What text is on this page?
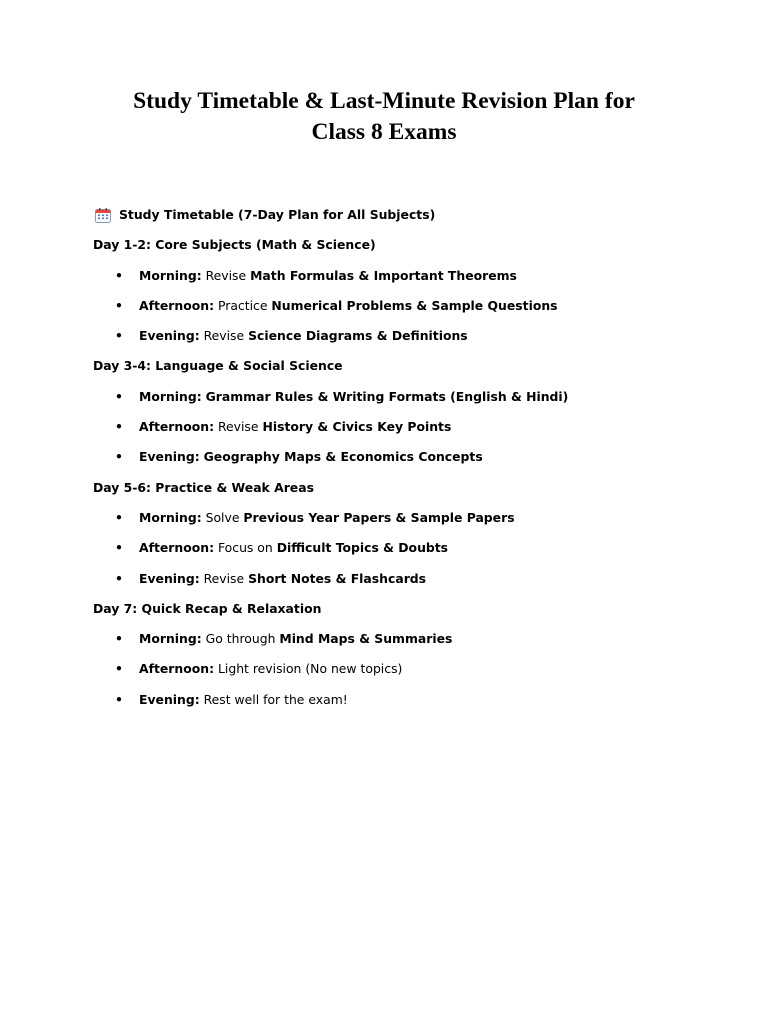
Study Timetable & Last-Minute Revision Plan for
Class 8 Exams
Study Timetable (7-Day Plan for All Subjects)
Day 1-2: Core Subjects (Math & Science)
• Morning: Revise Math Formulas & Important Theorems
• Afternoon: Practice Numerical Problems & Sample Questions
• Evening: Revise Science Diagrams & Definitions
Day 3-4: Language & Social Science
• Morning: Grammar Rules & Writing Formats (English & Hindi)
• Afternoon: Revise History & Civics Key Points
• Evening: Geography Maps & Economics Concepts
Day 5-6: Practice & Weak Areas
• Morning: Solve Previous Year Papers & Sample Papers
• Afternoon: Focus on Difficult Topics & Doubts
• Evening: Revise Short Notes & Flashcards
Day 7: Quick Recap & Relaxation
• Morning: Go through Mind Maps & Summaries
• Afternoon: Light revision (No new topics)
• Evening: Rest well for the exam!
